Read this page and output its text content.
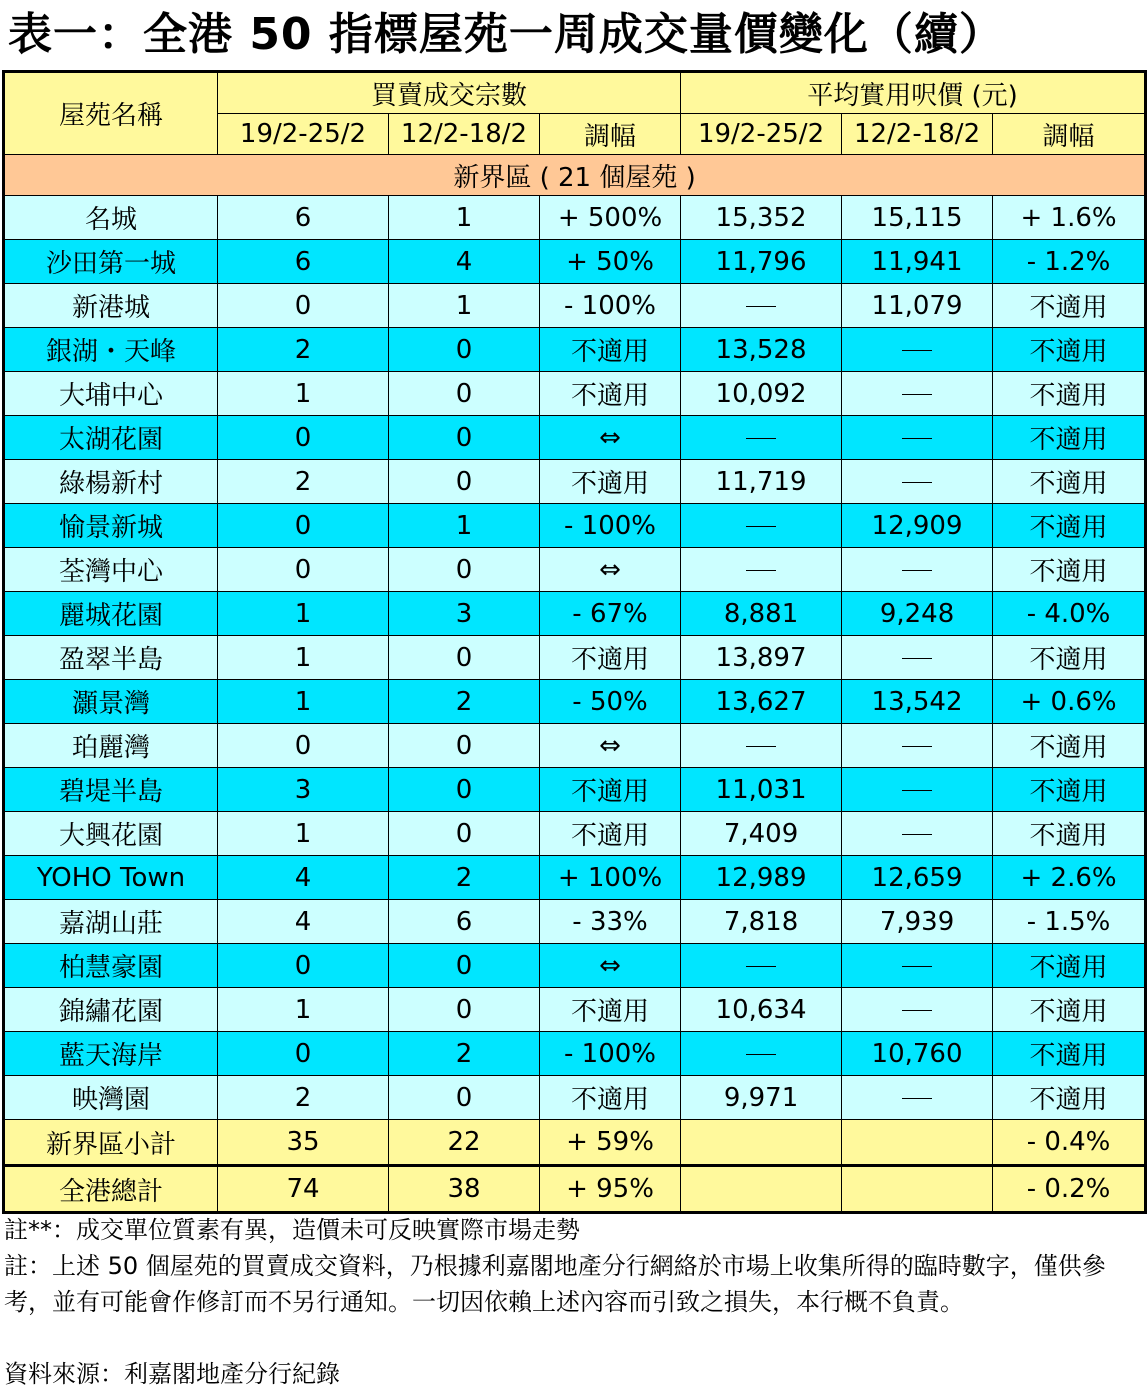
表一：全港 50 指標屋苑一周成交量價變化（續）
屋苑名稱	買賣成交宗數			平均實用呎價 (元)		
	19/2-25/2	12/2-18/2	調幅	19/2-25/2	12/2-18/2	調幅
新界區 ( 21 個屋苑 )						
名城	6	1	+ 500%	15,352	15,115	+ 1.6%
沙田第一城	6	4	+ 50%	11,796	11,941	- 1.2%
新港城	0	1	- 100%		11,079	不適用
銀湖・天峰	2	0	不適用	13,528		不適用
大埔中心	1	0	不適用	10,092		不適用
太湖花園	0	0	⇔			不適用
綠楊新村	2	0	不適用	11,719		不適用
愉景新城	0	1	- 100%		12,909	不適用
荃灣中心	0	0	⇔			不適用
麗城花園	1	3	- 67%	8,881	9,248	- 4.0%
盈翠半島	1	0	不適用	13,897		不適用
灝景灣	1	2	- 50%	13,627	13,542	+ 0.6%
珀麗灣	0	0	⇔			不適用
碧堤半島	3	0	不適用	11,031		不適用
大興花園	1	0	不適用	7,409		不適用
YOHO Town	4	2	+ 100%	12,989	12,659	+ 2.6%
嘉湖山莊	4	6	- 33%	7,818	7,939	- 1.5%
柏慧豪園	0	0	⇔			不適用
錦繡花園	1	0	不適用	10,634		不適用
藍天海岸	0	2	- 100%		10,760	不適用
映灣園	2	0	不適用	9,971		不適用
新界區小計	35	22	+ 59%			- 0.4%
全港總計	74	38	+ 95%			- 0.2%

註**：成交單位質素有異，造價未可反映實際市場走勢

註：上述 50 個屋苑的買賣成交資料，乃根據利嘉閣地產分行網絡於市場上收集所得的臨時數字，僅供參考，並有可能會作修訂而不另行通知。一切因依賴上述內容而引致之損失，本行概不負責。

資料來源：利嘉閣地產分行紀錄
